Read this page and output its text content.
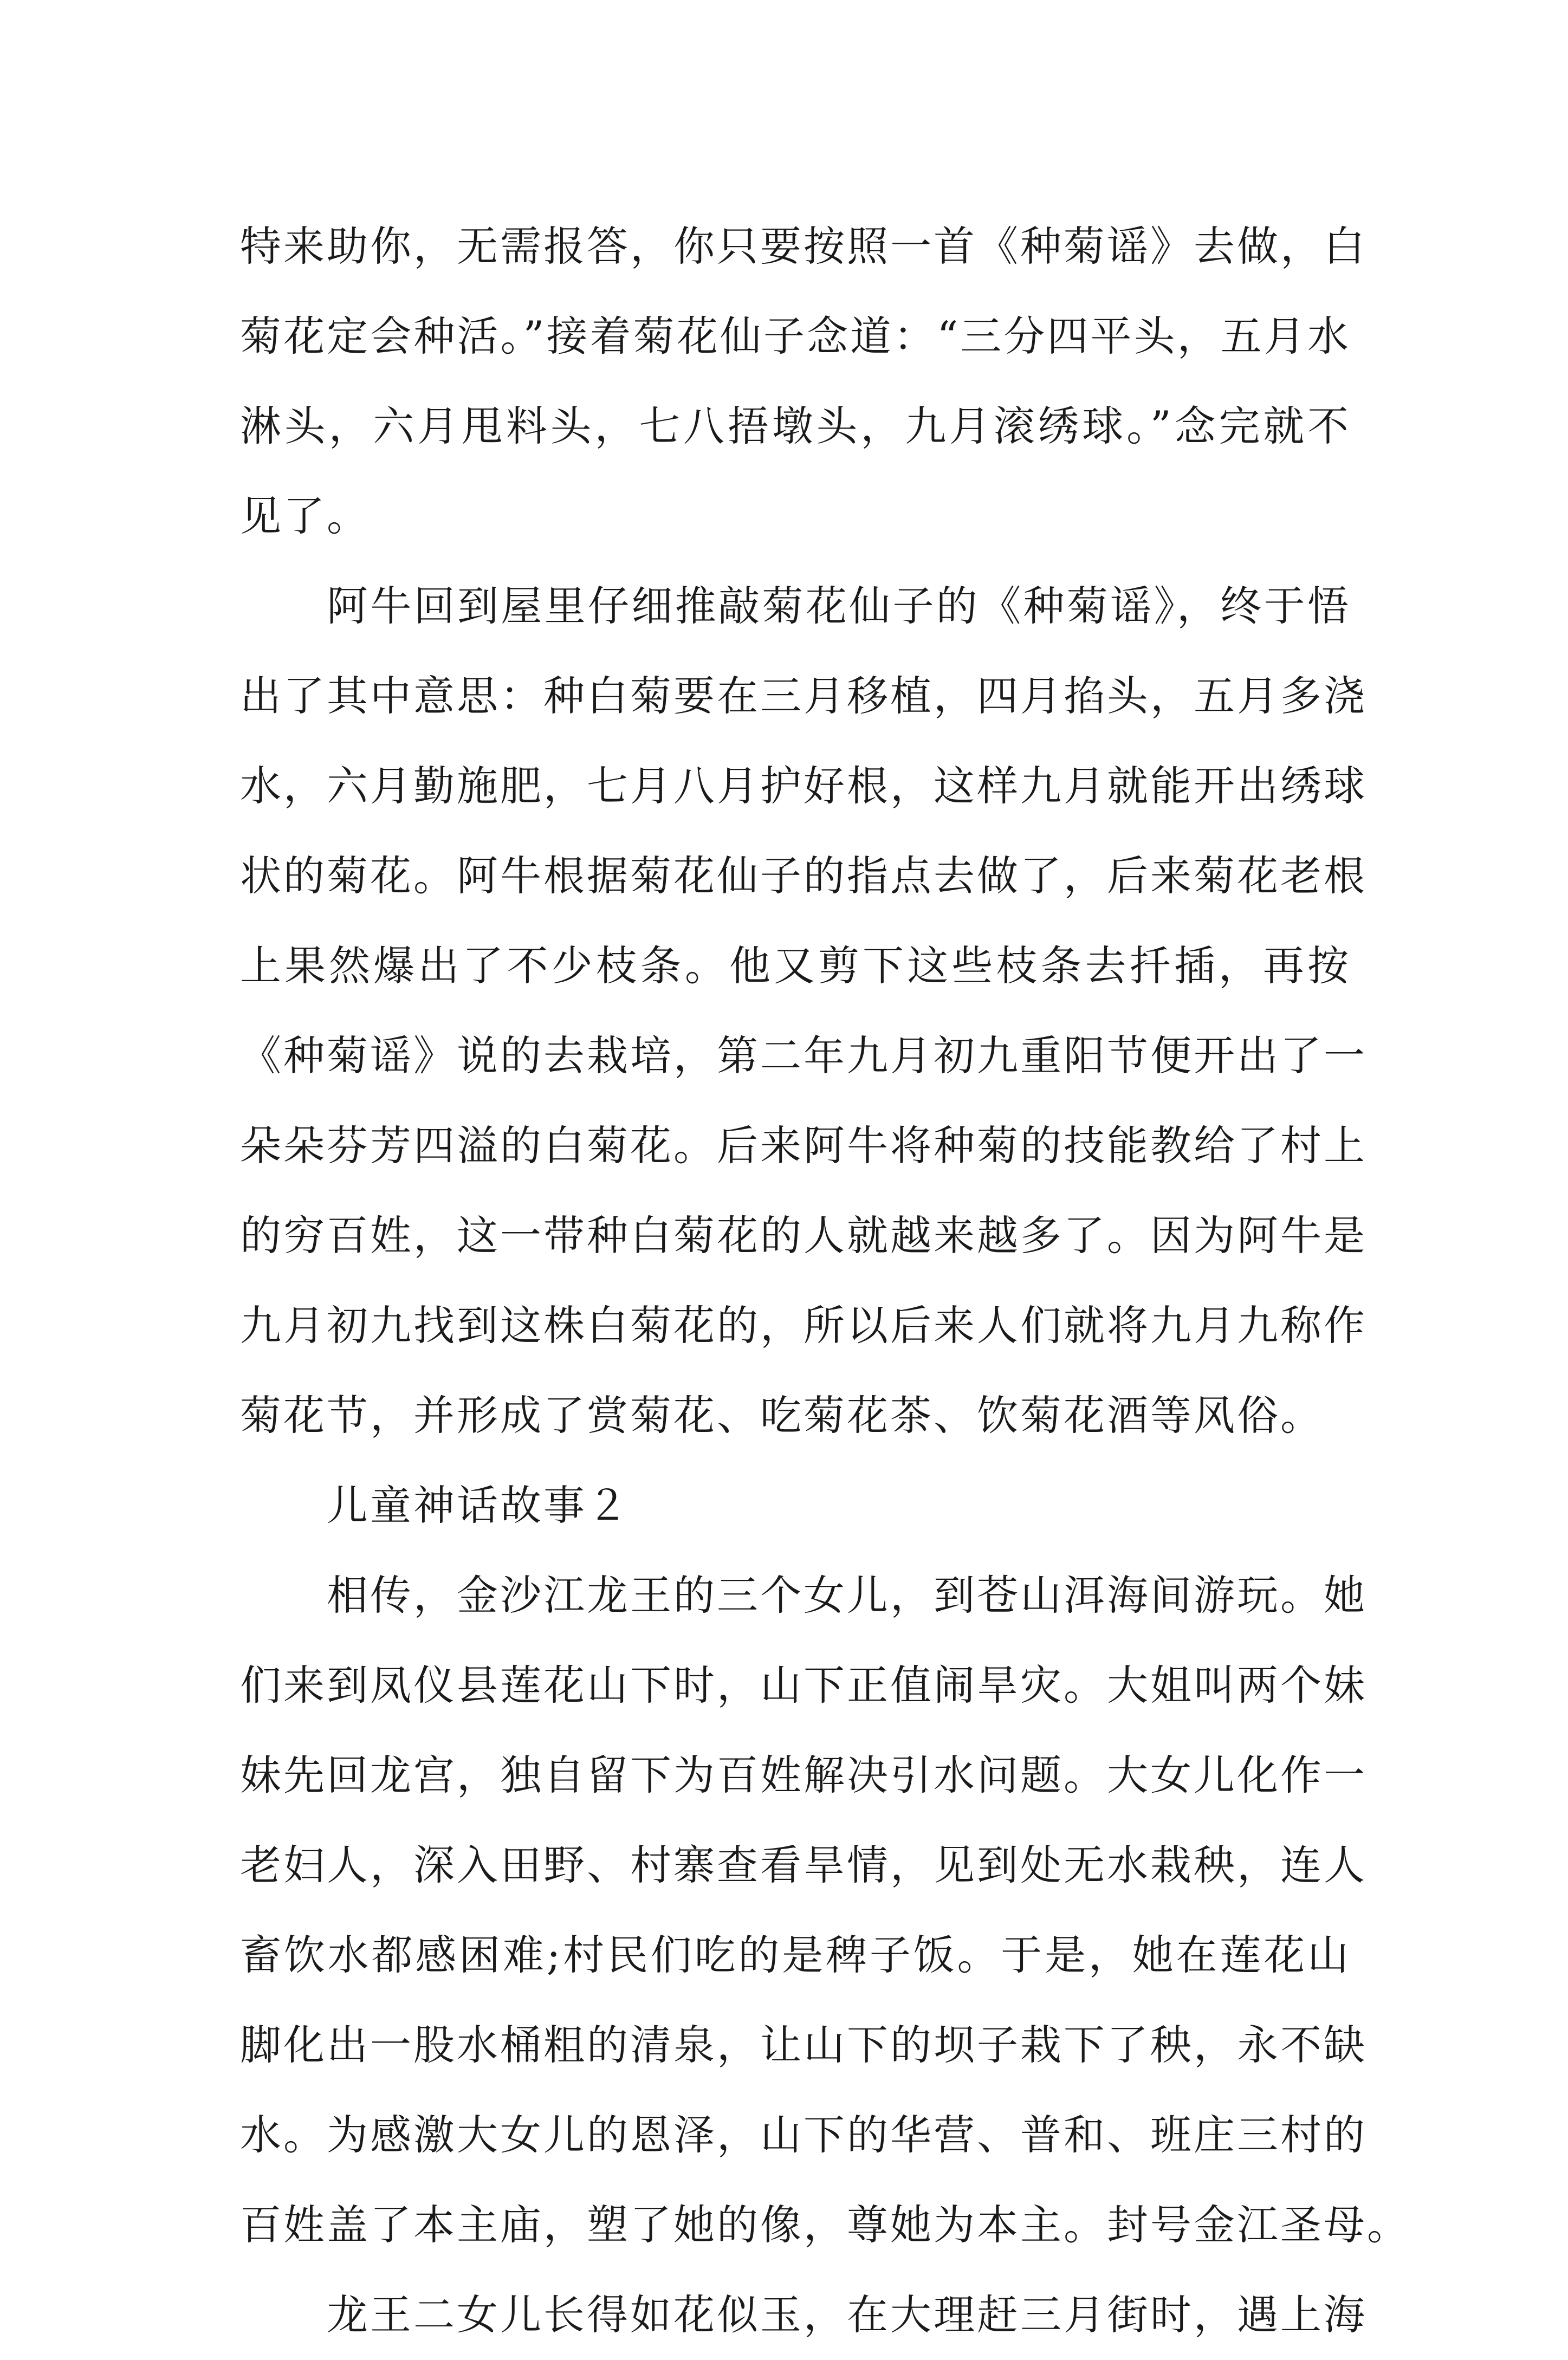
特来助你，无需报答，你只要按照一首《种菊谣》去做，白
菊花定会种活。”接着菊花仙子念道：“三分四平头，五月水
淋头，六月甩料头，七八捂墩头，九月滚绣球。”念完就不
见了。
阿牛回到屋里仔细推敲菊花仙子的《种菊谣》，终于悟
出了其中意思：种白菊要在三月移植，四月掐头，五月多浇
水，六月勤施肥，七月八月护好根，这样九月就能开出绣球
状的菊花。阿牛根据菊花仙子的指点去做了，后来菊花老根
上果然爆出了不少枝条。他又剪下这些枝条去扦插，再按
《种菊谣》说的去栽培，第二年九月初九重阳节便开出了一
朵朵芬芳四溢的白菊花。后来阿牛将种菊的技能教给了村上
的穷百姓，这一带种白菊花的人就越来越多了。因为阿牛是
九月初九找到这株白菊花的，所以后来人们就将九月九称作
菊花节，并形成了赏菊花、吃菊花茶、饮菊花酒等风俗。
儿童神话故事２
相传，金沙江龙王的三个女儿，到苍山洱海间游玩。她
们来到凤仪县莲花山下时，山下正值闹旱灾。大姐叫两个妹
妹先回龙宫，独自留下为百姓解决引水问题。大女儿化作一
老妇人，深入田野、村寨查看旱情，见到处无水栽秧，连人
畜饮水都感困难;村民们吃的是稗子饭。于是，她在莲花山
脚化出一股水桶粗的清泉，让山下的坝子栽下了秧，永不缺
水。为感激大女儿的恩泽，山下的华营、普和、班庄三村的
百姓盖了本主庙，塑了她的像，尊她为本主。封号金江圣母。
龙王二女儿长得如花似玉，在大理赶三月街时，遇上海
